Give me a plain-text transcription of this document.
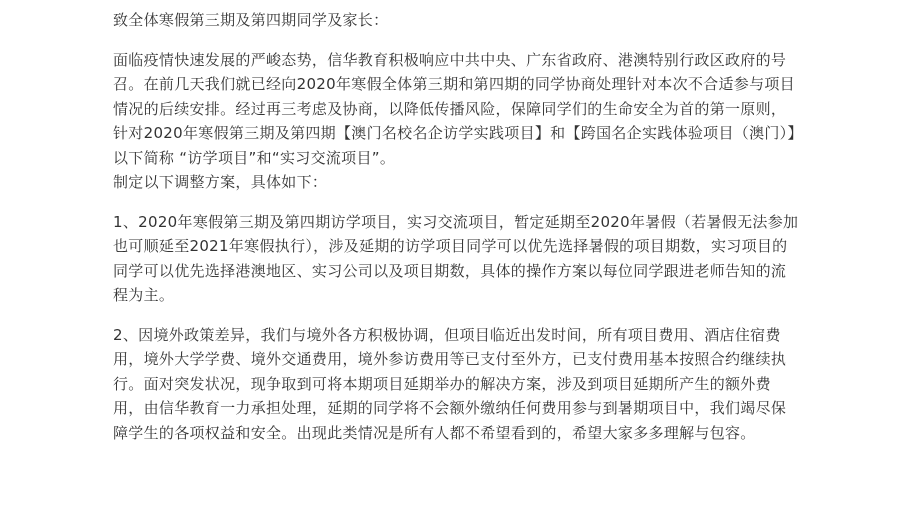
致全体寒假第三期及第四期同学及家长：

面临疫情快速发展的严峻态势，信华教育积极响应中共中央、广东省政府、港澳特别行政区政府的号召。在前几天我们就已经向2020年寒假全体第三期和第四期的同学协商处理针对本次不合适参与项目情况的后续安排。经过再三考虑及协商，以降低传播风险，保障同学们的生命安全为首的第一原则，针对2020年寒假第三期及第四期【澳门名校名企访学实践项目】和【跨国名企实践体验项目（澳门）】以下简称 “访学项目”和“实习交流项目”。

制定以下调整方案，具体如下：

1、2020年寒假第三期及第四期访学项目，实习交流项目，暂定延期至2020年暑假（若暑假无法参加也可顺延至2021年寒假执行），涉及延期的访学项目同学可以优先选择暑假的项目期数，实习项目的同学可以优先选择港澳地区、实习公司以及项目期数，具体的操作方案以每位同学跟进老师告知的流程为主。

2、因境外政策差异，我们与境外各方积极协调，但项目临近出发时间，所有项目费用、酒店住宿费用，境外大学学费、境外交通费用，境外参访费用等已支付至外方，已支付费用基本按照合约继续执行。面对突发状况，现争取到可将本期项目延期举办的解决方案，涉及到项目延期所产生的额外费用，由信华教育一力承担处理，延期的同学将不会额外缴纳任何费用参与到暑期项目中，我们竭尽保障学生的各项权益和安全。出现此类情况是所有人都不希望看到的，希望大家多多理解与包容。
